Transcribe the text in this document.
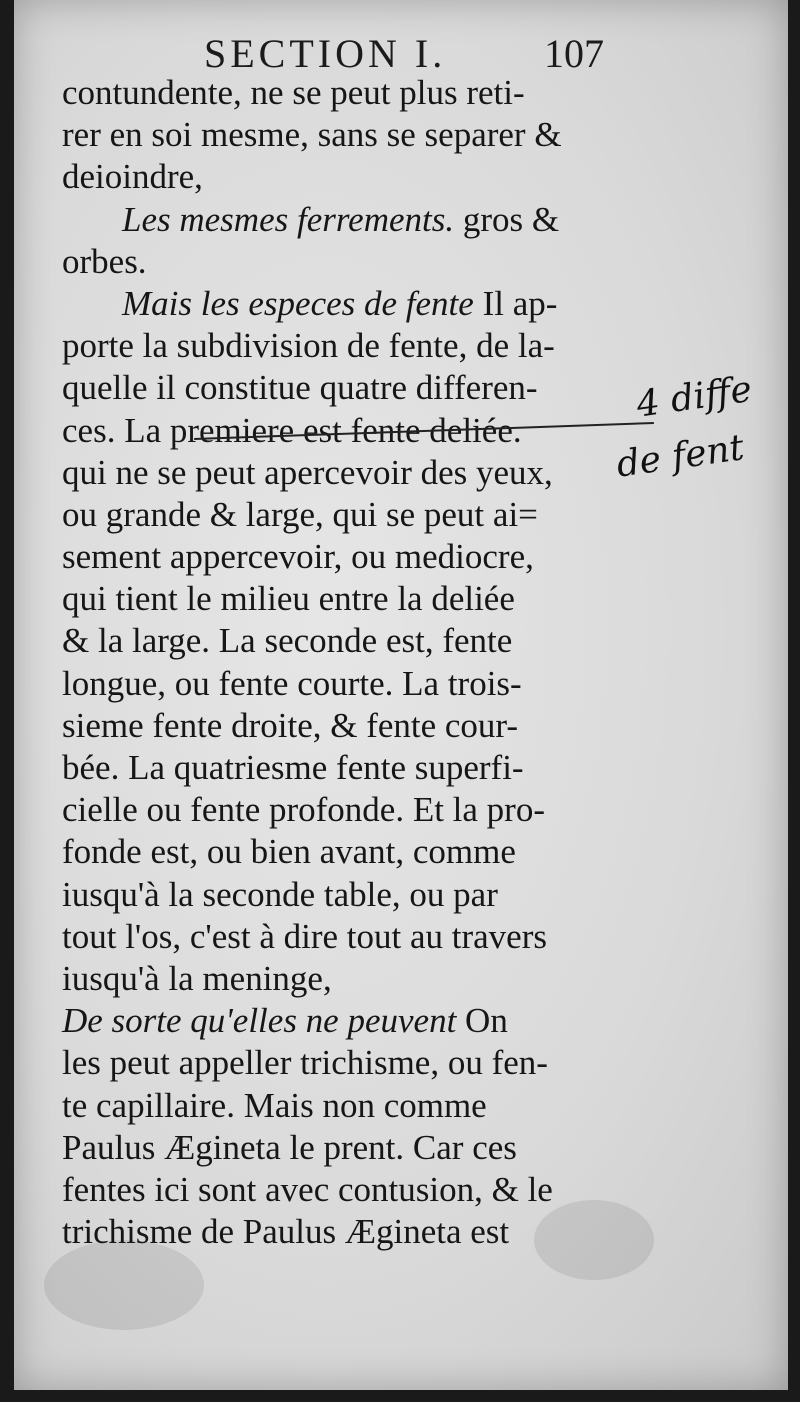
SECTION I. 107
contundente, ne se peut plus reti-
rer en soi mesme, sans se separer &
deioindre,
Les mesmes ferrements. gros &
orbes.
Mais les especes de fente Il ap-
porte la subdivision de fente, de la-
quelle il constitue quatre differen-
ces. La premiere est fente deliée.
qui ne se peut apercevoir des yeux,
ou grande & large, qui se peut ai=
sement appercevoir, ou mediocre,
qui tient le milieu entre la deliée
& la large. La seconde est, fente
longue, ou fente courte. La trois-
sieme fente droite, & fente cour-
bée. La quatriesme fente superfi-
cielle ou fente profonde. Et la pro-
fonde est, ou bien avant, comme
iusqu'à la seconde table, ou par
tout l'os, c'est à dire tout au travers
iusqu'à la meninge,
De sorte qu'elles ne peuvent On
les peut appeller trichisme, ou fen-
te capillaire. Mais non comme
Paulus Ægineta le prent. Car ces
fentes ici sont avec contusion, & le
trichisme de Paulus Ægineta est
4 diffe
de fent
